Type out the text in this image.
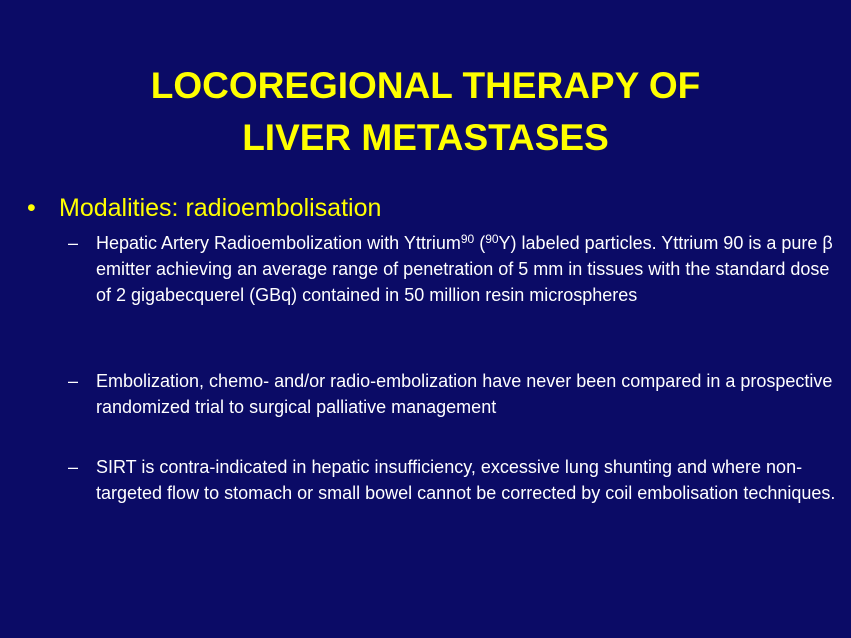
LOCOREGIONAL THERAPY OF
LIVER METASTASES
• Modalities: radioembolisation
– Hepatic Artery Radioembolization with Yttrium$^{90}$ ($^{90}$Y) labeled particles. Yttrium 90 is a pure β emitter achieving an average range of penetration of 5 mm in tissues with the standard dose of 2 gigabecquerel (GBq) contained in 50 million resin microspheres
– Embolization, chemo- and/or radio-embolization have never been compared in a prospective randomized trial to surgical palliative management
– SIRT is contra-indicated in hepatic insufficiency, excessive lung shunting and where non-targeted flow to stomach or small bowel cannot be corrected by coil embolisation techniques.
